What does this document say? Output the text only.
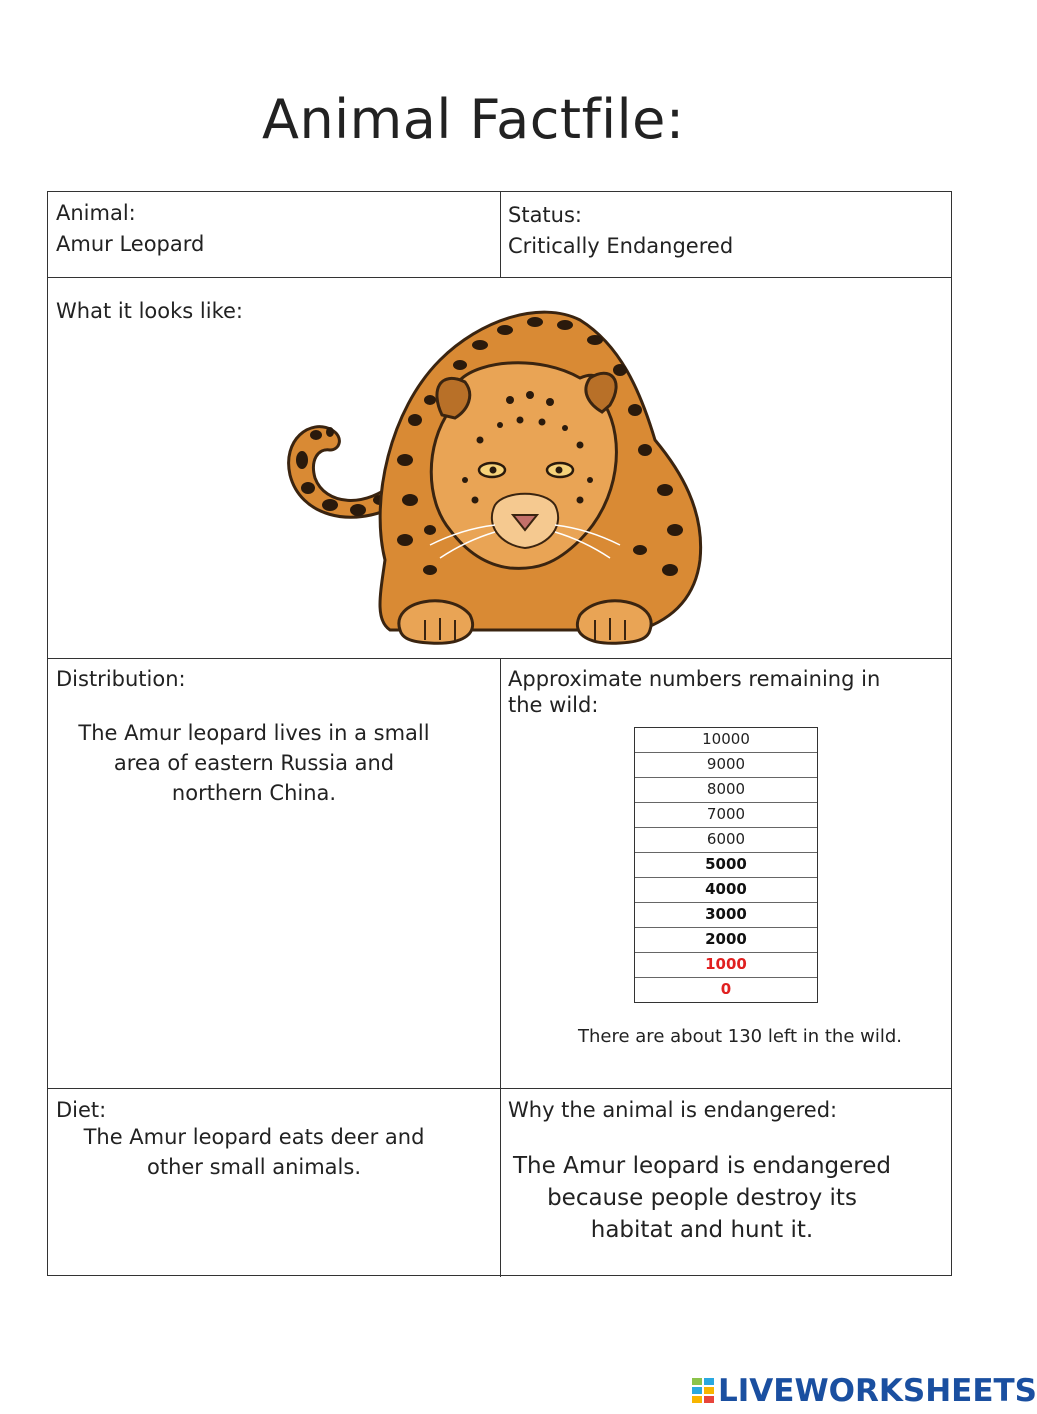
Animal Factfile:
Animal:
Amur Leopard
Status:
Critically Endangered
What it looks like:
Distribution:
The Amur leopard lives in a small
area of eastern Russia and
northern China.
Approximate numbers remaining in
the wild:
10000
9000
8000
7000
6000
5000
4000
3000
2000
1000
0
There are about 130 left in the wild.
Diet:
The Amur leopard eats deer and
other small animals.
Why the animal is endangered:
The Amur leopard is endangered
because people destroy its
habitat and hunt it.
LIVEWORKSHEETS
